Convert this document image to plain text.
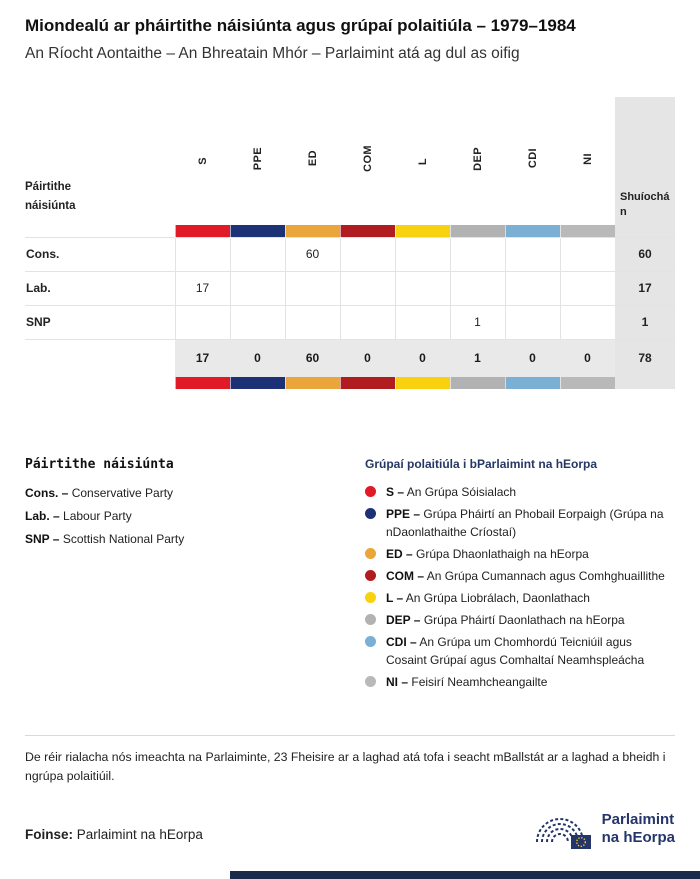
Miondealú ar pháirtithe náisiúnta agus grúpaí polaitiúla – 1979–1984
An Ríocht Aontaithe – An Bhreatain Mhór – Parlaimint atá ag dul as oifig
Páirtithe
náisiúnta	S	PPE	ED	COM	L	DEP	CDI	NI	Shuíochá
n

Cons.			60						60
Lab.	17								17
SNP						1			1
	17	0	60	0	0	1	0	0	78

Páirtithe náisiúnta
Cons. – Conservative Party
Lab. – Labour Party
SNP – Scottish National Party
Grúpaí polaitiúla i bParlaimint na hEorpa
S – An Grúpa Sóisialach
PPE – Grúpa Pháirtí an Phobail Eorpaigh (Grúpa na nDaonlathaithe Críostaí)
ED – Grúpa Dhaonlathaigh na hEorpa
COM – An Grúpa Cumannach agus Comhghuaillithe
L – An Grúpa Liobrálach, Daonlathach
DEP – Grúpa Pháirtí Daonlathach na hEorpa
CDI – An Grúpa um Chomhordú Teicniúil agus Cosaint Grúpaí agus Comhaltaí Neamhspleácha
NI – Feisirí Neamhcheangailte

De réir rialacha nós imeachta na Parlaiminte, 23 Fheisire ar a laghad atá tofa i seacht mBallstát ar a laghad a bheidh i ngrúpa polaitiúil.

Foinse: Parlaimint na hEorpa
Parlaimint
na hEorpa
